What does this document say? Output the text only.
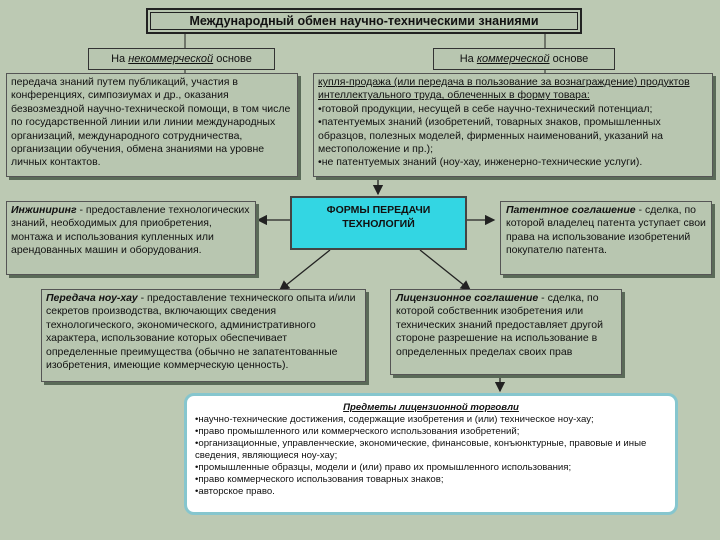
Международный обмен научно-техническими знаниями
На некоммерческой основе	На коммерческой основе
передача знаний путем публикаций, участия в конференциях, симпозиумах и др., оказания безвозмездной научно-технической помощи, в том числе по государственной линии или линии международных организаций, международного сотрудничества, организации обучения, обмена знаниями на уровне личных контактов.
купля-продажа (или передача в пользование за вознаграждение) продуктов интеллектуального труда, облеченных в форму товара:
•готовой продукции, несущей в себе научно-технический потенциал;
•патентуемых знаний (изобретений, товарных знаков, промышленных образцов, полезных моделей, фирменных наименований, указаний на местоположение и пр.);
•не патентуемых знаний (ноу-хау, инженерно-технические услуги).
ФОРМЫ ПЕРЕДАЧИ
ТЕХНОЛОГИЙ
Инжиниринг - предоставление технологических знаний, необходимых для приобретения, монтажа и использования купленных или арендованных машин и оборудования.
Патентное соглашение - сделка, по которой владелец патента уступает свои права на использование изобретений покупателю патента.
Передача ноу-хау - предоставление технического опыта и/или секретов производства, включающих сведения технологического, экономического, административного характера, использование которых обеспечивает определенные преимущества (обычно не запатентованные изобретения, имеющие коммерческую ценность).
Лицензионное соглашение - сделка, по которой собственник изобретения или технических знаний предоставляет другой стороне разрешение на использование в определенных пределах своих прав
Предметы лицензионной торговли
•научно-технические достижения, содержащие изобретения и (или) техническое ноу-хау;
•право промышленного или коммерческого использования изобретений;
•организационные, управленческие, экономические, финансовые, конъюнктурные, правовые и иные сведения, являющиеся ноу-хау;
•промышленные образцы, модели и (или) право их промышленного использования;
•право коммерческого использования товарных знаков;
•авторское право.
